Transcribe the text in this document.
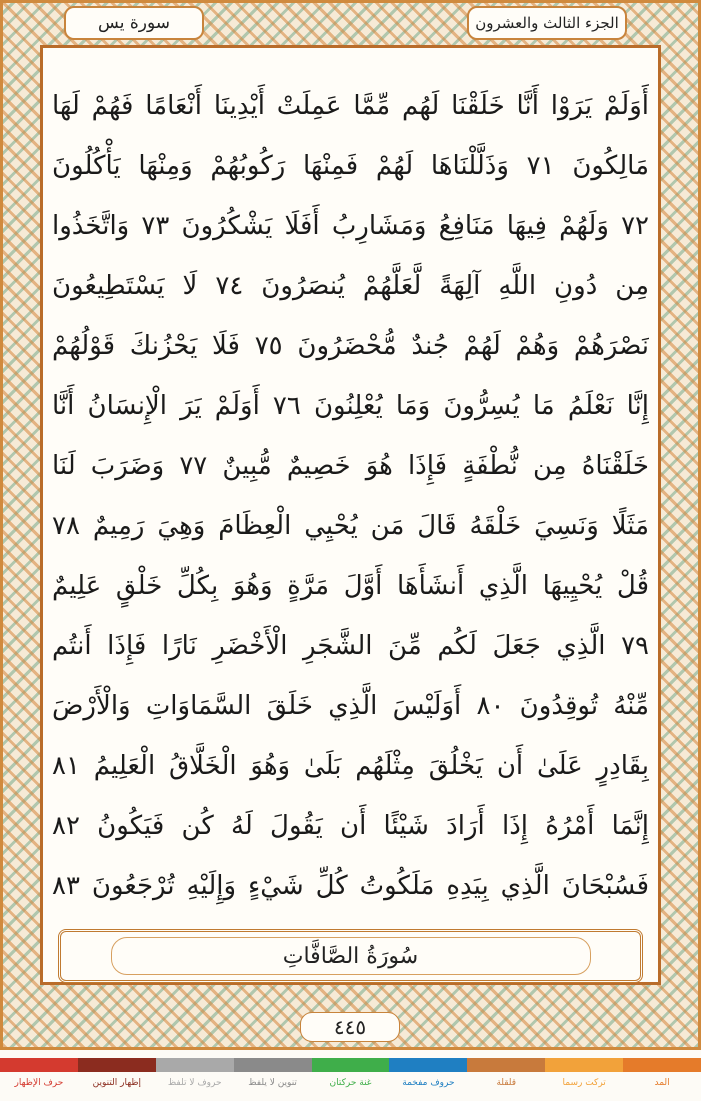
الجزء الثالث والعشرون
سورة يس
أَوَلَمْ يَرَوْا أَنَّا خَلَقْنَا لَهُم مِّمَّا عَمِلَتْ أَيْدِينَا أَنْعَامًا فَهُمْ لَهَا
مَالِكُونَ ٧١ وَذَلَّلْنَاهَا لَهُمْ فَمِنْهَا رَكُوبُهُمْ وَمِنْهَا يَأْكُلُونَ
٧٢ وَلَهُمْ فِيهَا مَنَافِعُ وَمَشَارِبُ أَفَلَا يَشْكُرُونَ ٧٣ وَاتَّخَذُوا
مِن دُونِ اللَّهِ آلِهَةً لَّعَلَّهُمْ يُنصَرُونَ ٧٤ لَا يَسْتَطِيعُونَ
نَصْرَهُمْ وَهُمْ لَهُمْ جُندٌ مُّحْضَرُونَ ٧٥ فَلَا يَحْزُنكَ قَوْلُهُمْ
إِنَّا نَعْلَمُ مَا يُسِرُّونَ وَمَا يُعْلِنُونَ ٧٦ أَوَلَمْ يَرَ الْإِنسَانُ أَنَّا
خَلَقْنَاهُ مِن نُّطْفَةٍ فَإِذَا هُوَ خَصِيمٌ مُّبِينٌ ٧٧ وَضَرَبَ لَنَا
مَثَلًا وَنَسِيَ خَلْقَهُ قَالَ مَن يُحْيِي الْعِظَامَ وَهِيَ رَمِيمٌ ٧٨
قُلْ يُحْيِيهَا الَّذِي أَنشَأَهَا أَوَّلَ مَرَّةٍ وَهُوَ بِكُلِّ خَلْقٍ عَلِيمٌ
٧٩ الَّذِي جَعَلَ لَكُم مِّنَ الشَّجَرِ الْأَخْضَرِ نَارًا فَإِذَا أَنتُم
مِّنْهُ تُوقِدُونَ ٨٠ أَوَلَيْسَ الَّذِي خَلَقَ السَّمَاوَاتِ وَالْأَرْضَ
بِقَادِرٍ عَلَىٰ أَن يَخْلُقَ مِثْلَهُم بَلَىٰ وَهُوَ الْخَلَّاقُ الْعَلِيمُ ٨١
إِنَّمَا أَمْرُهُ إِذَا أَرَادَ شَيْئًا أَن يَقُولَ لَهُ كُن فَيَكُونُ ٨٢
فَسُبْحَانَ الَّذِي بِيَدِهِ مَلَكُوتُ كُلِّ شَيْءٍ وَإِلَيْهِ تُرْجَعُونَ ٨٣
سُورَةُ الصَّافَّاتِ
٤٤٥
المد
تركت رسما
قلقلة
حروف مفخمة
غنة حركتان
تنوين لا يلفظ
حروف لا تلفظ
إظهار التنوين
حرف الإظهار
